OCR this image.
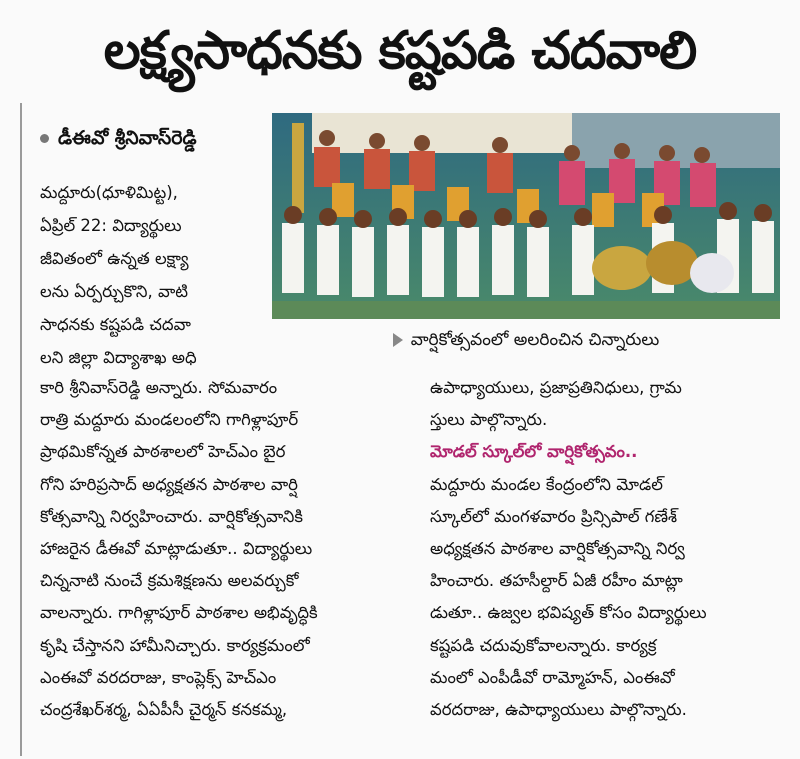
లక్ష్యసాధనకు కష్టపడి చదవాలి
డీఈవో శ్రీనివాస్‌రెడ్డి
వార్షికోత్సవంలో అలరించిన చిన్నారులు
మద్దూరు(ధూళిమిట్ట),
ఏప్రిల్ 22: విద్యార్థులు
జీవితంలో ఉన్నత లక్ష్యా
లను ఏర్పర్చుకొని, వాటి
సాధనకు కష్టపడి చదవా
లని జిల్లా విద్యాశాఖ అధి
కారి శ్రీనివాస్‌రెడ్డి అన్నారు. సోమవారం
రాత్రి మద్దూరు మండలంలోని గాగిళ్లాపూర్
ప్రాథమికోన్నత పాఠశాలలో హెచ్‌ఎం బైర
గోని హరిప్రసాద్ అధ్యక్షతన పాఠశాల వార్షి
కోత్సవాన్ని నిర్వహించారు. వార్షికోత్సవానికి
హాజరైన డీఈవో మాట్లాడుతూ.. విద్యార్థులు
చిన్ననాటి నుంచే క్రమశిక్షణను అలవర్చుకో
వాలన్నారు. గాగిళ్లాపూర్ పాఠశాల అభివృద్ధికి
కృషి చేస్తానని హామీనిచ్చారు. కార్యక్రమంలో
ఎంఈవో వరదరాజు, కాంప్లెక్స్ హెచ్‌ఎం
చంద్రశేఖర్‌శర్మ, ఏఏపీసీ చైర్మన్ కనకమ్మ,
ఉపాధ్యాయులు, ప్రజాప్రతినిధులు, గ్రామ
స్తులు పాల్గొన్నారు.
మోడల్ స్కూల్‌లో వార్షికోత్సవం..
మద్దూరు మండల కేంద్రంలోని మోడల్
స్కూల్‌లో మంగళవారం ప్రిన్సిపాల్ గణేశ్
అధ్యక్షతన పాఠశాల వార్షికోత్సవాన్ని నిర్వ
హించారు. తహసీల్దార్ ఏజీ రహీం మాట్లా
డుతూ.. ఉజ్వల భవిష్యత్ కోసం విద్యార్థులు
కష్టపడి చదువుకోవాలన్నారు. కార్యక్ర
మంలో ఎంపీడీవో రామ్మోహన్, ఎంఈవో
వరదరాజు, ఉపాధ్యాయులు పాల్గొన్నారు.
